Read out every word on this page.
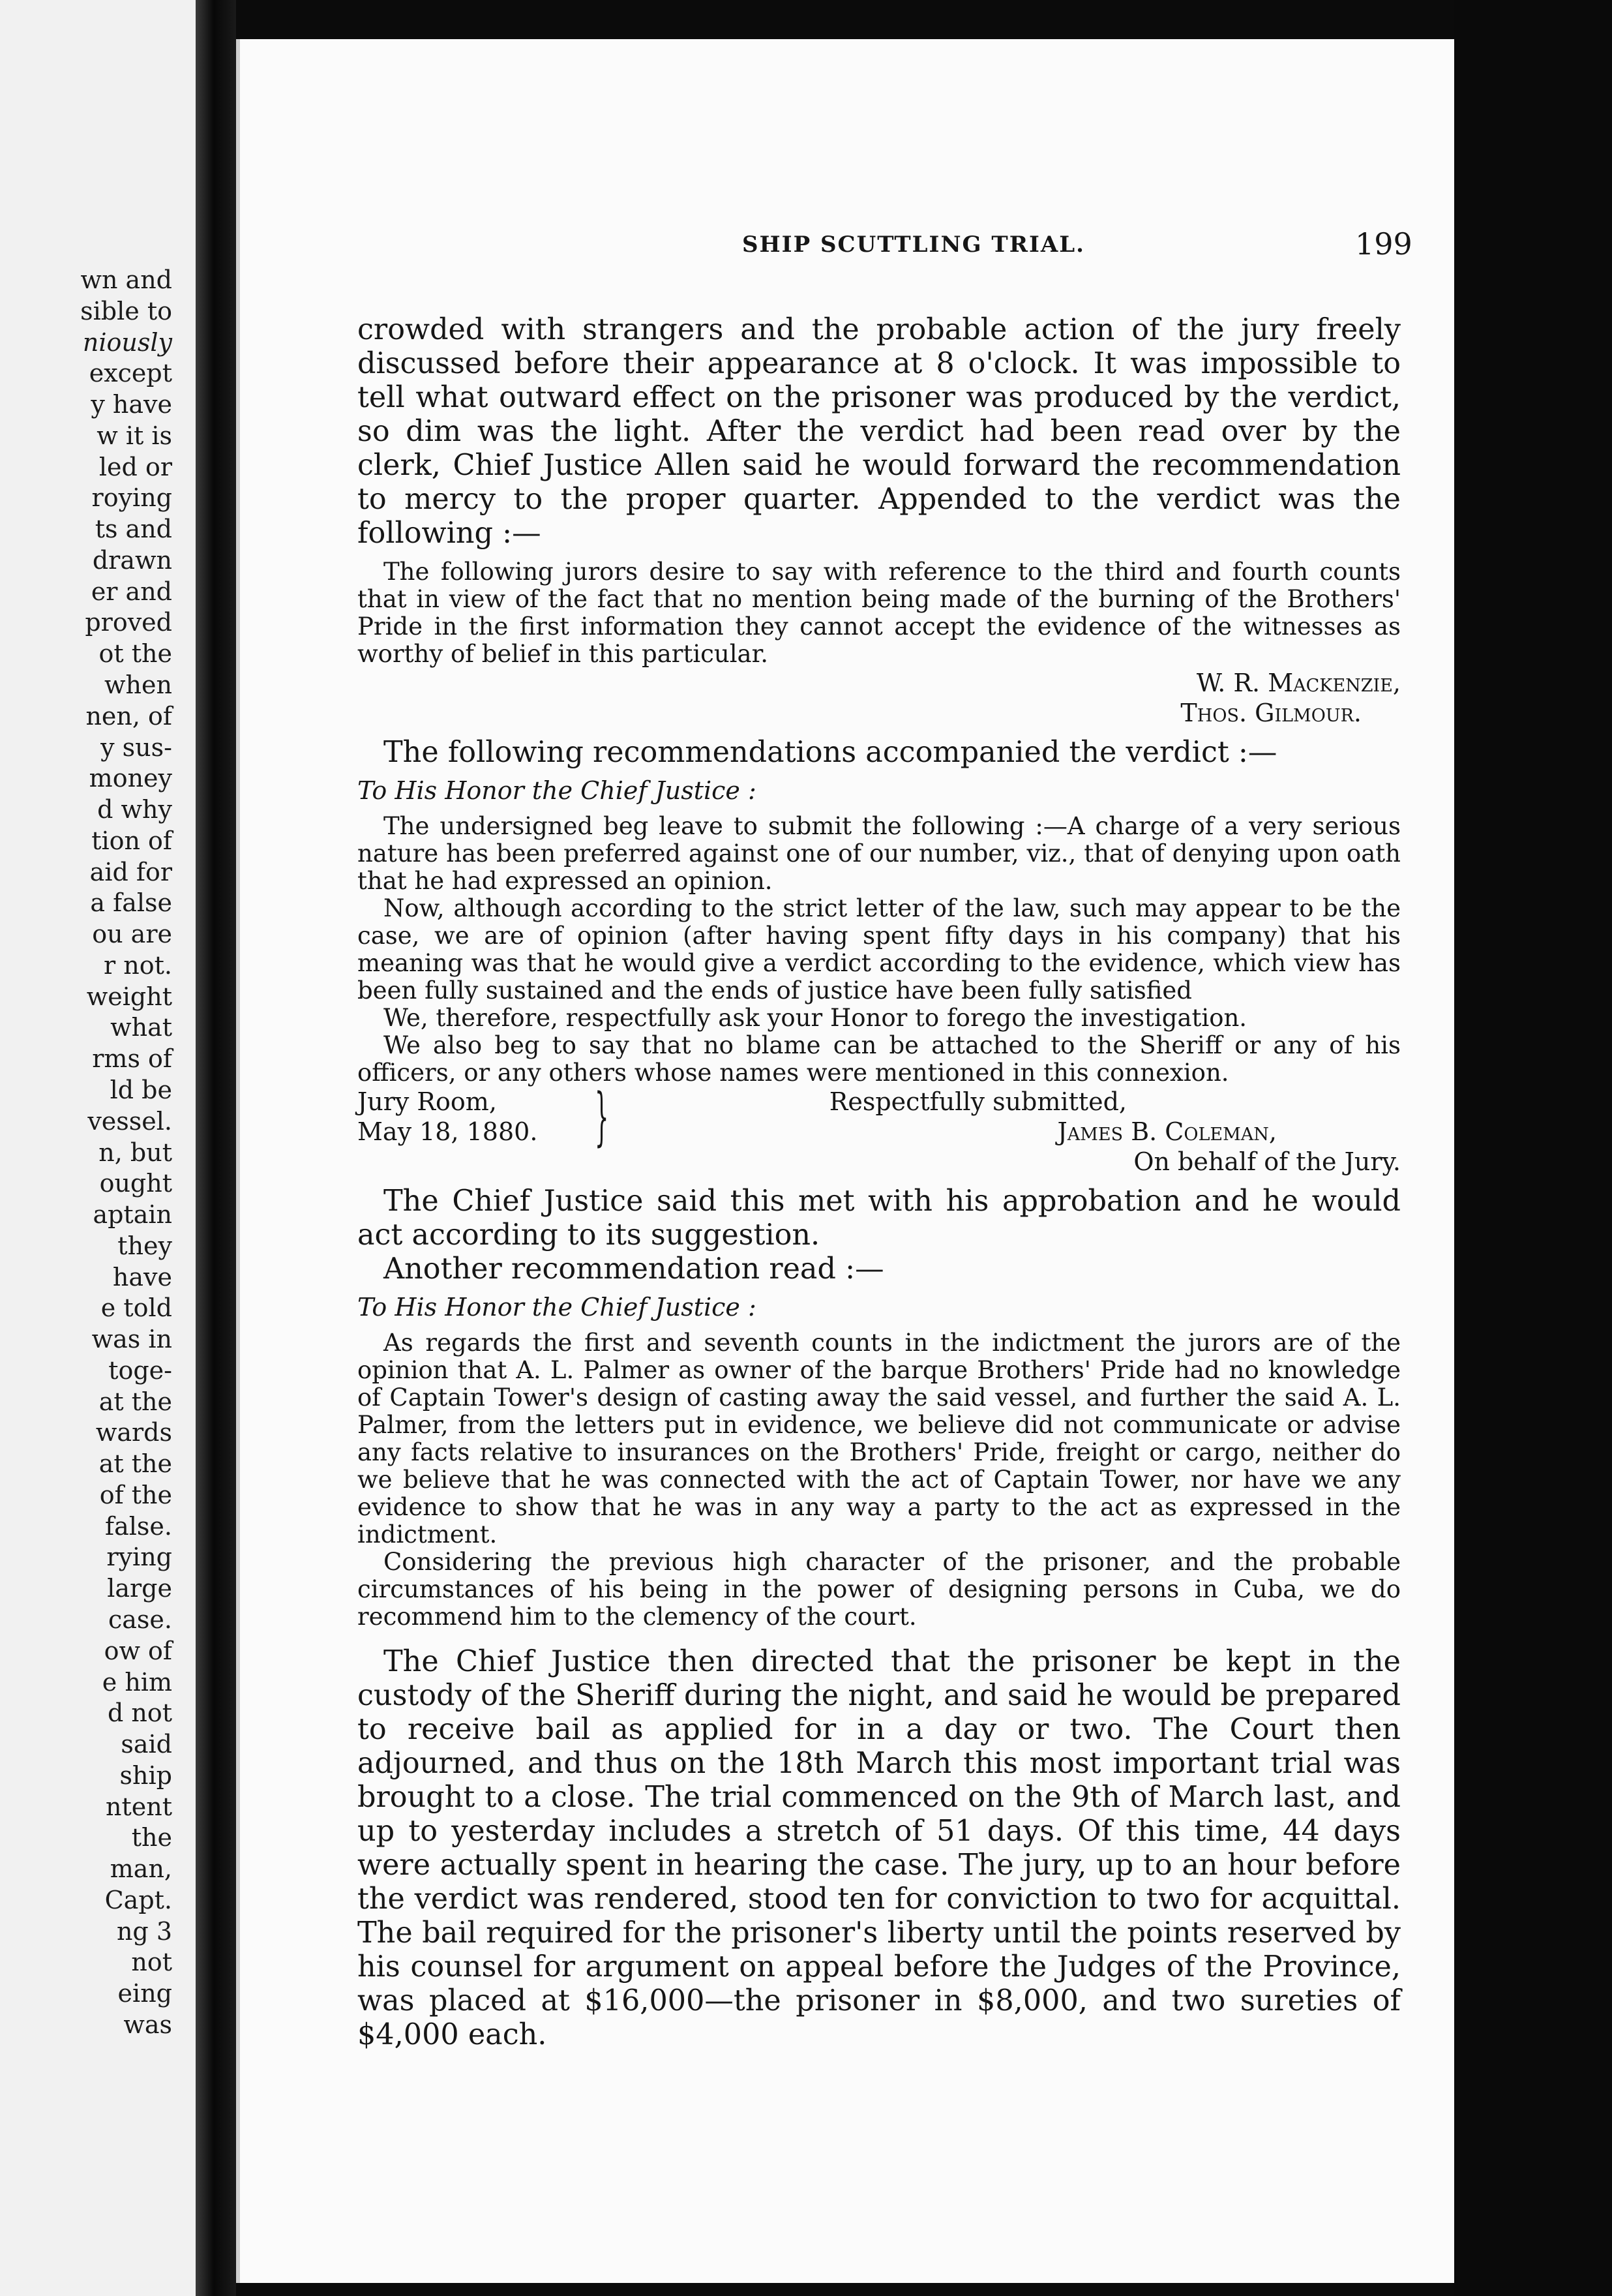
wn and
sible to
niously
except
y have
w it is
led or
roying
ts and
drawn
er and
proved
ot the
when
nen, of
y sus-
money
d why
tion of
aid for
a false
ou are
r not.
weight
what
rms of
ld be
vessel.
n, but
ought
aptain
they
have
e told
was in
toge-
at the
wards
at the
of the
false.
rying
large
case.
ow of
e him
d not
said
ship
ntent
the
man,
Capt.
ng 3
not
eing
was
SHIP SCUTTLING TRIAL.	199

crowded with strangers and the probable action of the jury freely discussed before their appearance at 8 o'clock. It was impossible to tell what outward effect on the prisoner was produced by the verdict, so dim was the light. After the verdict had been read over by the clerk, Chief Justice Allen said he would forward the recommendation to mercy to the proper quarter. Appended to the verdict was the following :—

The following jurors desire to say with reference to the third and fourth counts that in view of the fact that no mention being made of the burning of the Brothers' Pride in the first information they cannot accept the evidence of the witnesses as worthy of belief in this particular.

W. R. Mackenzie,

Thos. Gilmour.

The following recommendations accompanied the verdict :—

To His Honor the Chief Justice :

The undersigned beg leave to submit the following :—A charge of a very serious nature has been preferred against one of our number, viz., that of denying upon oath that he had expressed an opinion.

Now, although according to the strict letter of the law, such may appear to be the case, we are of opinion (after having spent fifty days in his company) that his meaning was that he would give a verdict according to the evidence, which view has been fully sustained and the ends of justice have been fully satisfied

We, therefore, respectfully ask your Honor to forego the investigation.

We also beg to say that no blame can be attached to the Sheriff or any of his officers, or any others whose names were mentioned in this connexion.

Jury Room,
May 18, 1880. }	Respectfully submitted,
James B. Coleman,
On behalf of the Jury.

The Chief Justice said this met with his approbation and he would act according to its suggestion.

Another recommendation read :—

To His Honor the Chief Justice :

As regards the first and seventh counts in the indictment the jurors are of the opinion that A. L. Palmer as owner of the barque Brothers' Pride had no knowledge of Captain Tower's design of casting away the said vessel, and further the said A. L. Palmer, from the letters put in evidence, we believe did not communicate or advise any facts relative to insurances on the Brothers' Pride, freight or cargo, neither do we believe that he was connected with the act of Captain Tower, nor have we any evidence to show that he was in any way a party to the act as expressed in the indictment.

Considering the previous high character of the prisoner, and the probable circumstances of his being in the power of designing persons in Cuba, we do recommend him to the clemency of the court.

The Chief Justice then directed that the prisoner be kept in the custody of the Sheriff during the night, and said he would be prepared to receive bail as applied for in a day or two. The Court then adjourned, and thus on the 18th March this most important trial was brought to a close. The trial commenced on the 9th of March last, and up to yesterday includes a stretch of 51 days. Of this time, 44 days were actually spent in hearing the case. The jury, up to an hour before the verdict was rendered, stood ten for conviction to two for acquittal. The bail required for the prisoner's liberty until the points reserved by his counsel for argument on appeal before the Judges of the Province, was placed at $16,000—the prisoner in $8,000, and two sureties of $4,000 each.
